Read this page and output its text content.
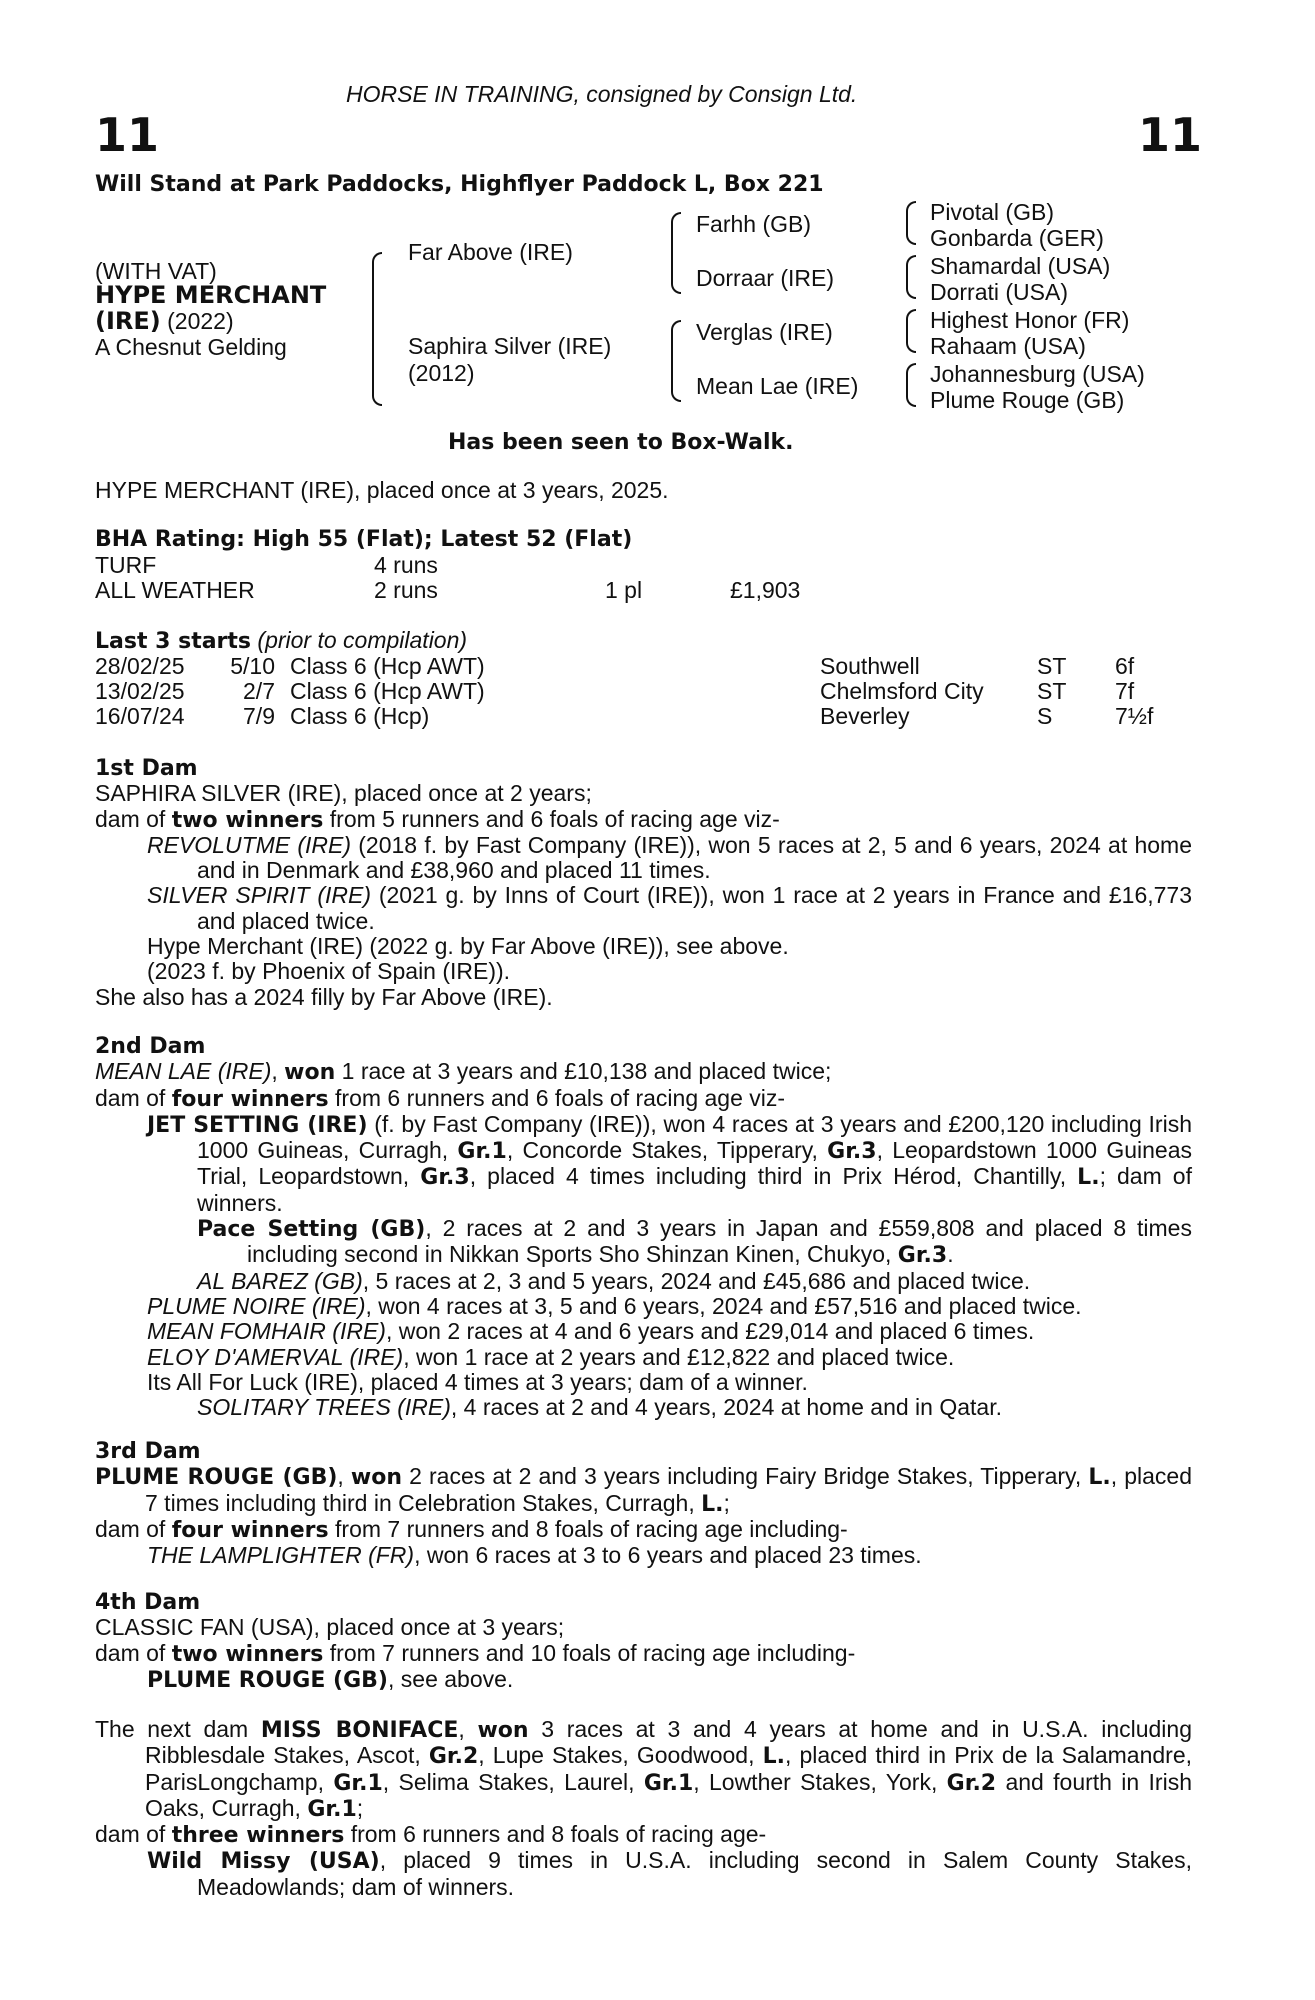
HORSE IN TRAINING, consigned by Consign Ltd.
11	11
Will Stand at Park Paddocks, Highflyer Paddock L, Box 221
(WITH VAT)
HYPE MERCHANT
(IRE) (2022)
A Chesnut Gelding
Far Above (IRE)
Saphira Silver (IRE)
(2012)
Farhh (GB)
Dorraar (IRE)
Verglas (IRE)
Mean Lae (IRE)
Pivotal (GB)
Gonbarda (GER)
Shamardal (USA)
Dorrati (USA)
Highest Honor (FR)
Rahaam (USA)
Johannesburg (USA)
Plume Rouge (GB)
Has been seen to Box-Walk.
HYPE MERCHANT (IRE), placed once at 3 years, 2025.
BHA Rating: High 55 (Flat); Latest 52 (Flat)
TURF	4 runs
ALL WEATHER	2 runs	1 pl	£1,903
Last 3 starts (prior to compilation)
28/02/25 5/10 Class 6 (Hcp AWT)	Southwell	ST 6f
13/02/25	2/7 Class 6 (Hcp AWT)	Chelmsford City ST 7f
16/07/24	7/9 Class 6 (Hcp)	Beverley	S	7½f

1st Dam

SAPHIRA SILVER (IRE), placed once at 2 years;

dam of two winners from 5 runners and 6 foals of racing age viz-

REVOLUTME (IRE) (2018 f. by Fast Company (IRE)), won 5 races at 2, 5 and 6 years, 2024 at home and in Denmark and £38,960 and placed 11 times.

SILVER SPIRIT (IRE) (2021 g. by Inns of Court (IRE)), won 1 race at 2 years in France and £16,773 and placed twice.

Hype Merchant (IRE) (2022 g. by Far Above (IRE)), see above.

(2023 f. by Phoenix of Spain (IRE)).

She also has a 2024 filly by Far Above (IRE).

2nd Dam

MEAN LAE (IRE), won 1 race at 3 years and £10,138 and placed twice;

dam of four winners from 6 runners and 6 foals of racing age viz-

JET SETTING (IRE) (f. by Fast Company (IRE)), won 4 races at 3 years and £200,120 including Irish 1000 Guineas, Curragh, Gr.1, Concorde Stakes, Tipperary, Gr.3, Leopardstown 1000 Guineas Trial, Leopardstown, Gr.3, placed 4 times including third in Prix Hérod, Chantilly, L.; dam of winners.

Pace Setting (GB), 2 races at 2 and 3 years in Japan and £559,808 and placed 8 times including second in Nikkan Sports Sho Shinzan Kinen, Chukyo, Gr.3.

AL BAREZ (GB), 5 races at 2, 3 and 5 years, 2024 and £45,686 and placed twice.

PLUME NOIRE (IRE), won 4 races at 3, 5 and 6 years, 2024 and £57,516 and placed twice.

MEAN FOMHAIR (IRE), won 2 races at 4 and 6 years and £29,014 and placed 6 times.

ELOY D'AMERVAL (IRE), won 1 race at 2 years and £12,822 and placed twice.

Its All For Luck (IRE), placed 4 times at 3 years; dam of a winner.

SOLITARY TREES (IRE), 4 races at 2 and 4 years, 2024 at home and in Qatar.

3rd Dam

PLUME ROUGE (GB), won 2 races at 2 and 3 years including Fairy Bridge Stakes, Tipperary, L., placed 7 times including third in Celebration Stakes, Curragh, L.;

dam of four winners from 7 runners and 8 foals of racing age including-

THE LAMPLIGHTER (FR), won 6 races at 3 to 6 years and placed 23 times.

4th Dam

CLASSIC FAN (USA), placed once at 3 years;

dam of two winners from 7 runners and 10 foals of racing age including-

PLUME ROUGE (GB), see above.

The next dam MISS BONIFACE, won 3 races at 3 and 4 years at home and in U.S.A. including Ribblesdale Stakes, Ascot, Gr.2, Lupe Stakes, Goodwood, L., placed third in Prix de la Salamandre, ParisLongchamp, Gr.1, Selima Stakes, Laurel, Gr.1, Lowther Stakes, York, Gr.2 and fourth in Irish Oaks, Curragh, Gr.1;

dam of three winners from 6 runners and 8 foals of racing age-

Wild Missy (USA), placed 9 times in U.S.A. including second in Salem County Stakes, Meadowlands; dam of winners.
